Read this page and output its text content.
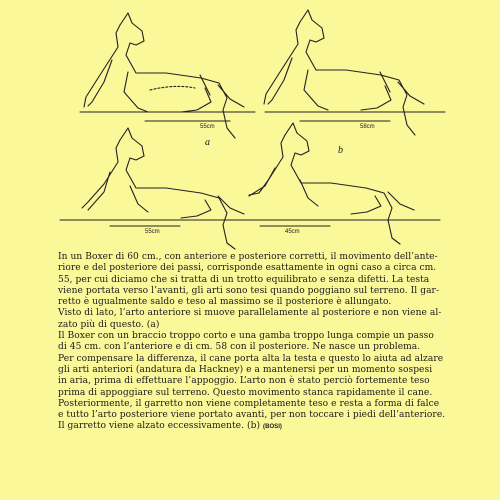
55cm	58cm
55cm	45cm
a
b
In un Boxer di 60 cm., con anteriore e posteriore corretti, il movimento dell’ante-
riore e del posteriore dei passi, corrisponde esattamente in ogni caso a circa cm.
55, per cui diciamo che si tratta di un trotto equilibrato e senza difetti. La testa
viene portata verso l’avanti, gli arti sono tesi quando poggiano sul terreno. Il gar-
retto è ugualmente saldo e teso al massimo se il posteriore è allungato.
Visto di lato, l’arto anteriore si muove parallelamente al posteriore e non viene al-
zato più di questo. (a)
Il Boxer con un braccio troppo corto e una gamba troppo lunga compie un passo
di 45 cm. con l’anteriore e di cm. 58 con il posteriore. Ne nasce un problema.
Per compensare la differenza, il cane porta alta la testa e questo lo aiuta ad alzare
gli arti anteriori (andatura da Hackney) e a mantenersi per un momento sospesi
in aria, prima di effettuare l’appoggio. L’arto non è stato perciò fortemente teso
prima di appoggiare sul terreno. Questo movimento stanca rapidamente il cane.
Posteriormente, il garretto non viene completamente teso e resta a forma di falce
e tutto l’arto posteriore viene portato avanti, per non toccare i piedi dell’anteriore.
Il garretto viene alzato eccessivamente. (b) (BOSI)
